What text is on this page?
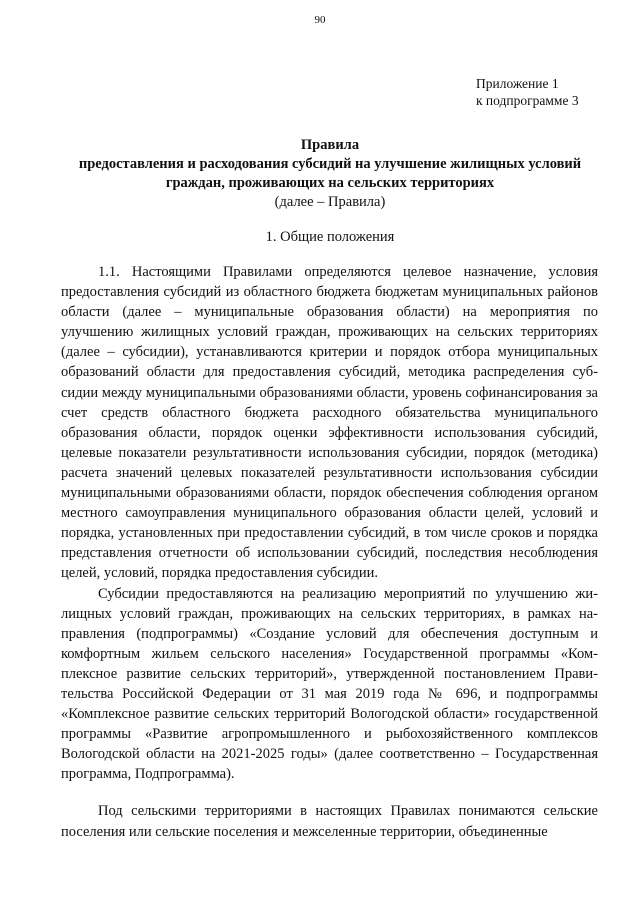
90
Приложение 1
к подпрограмме 3
Правила
предоставления и расходования субсидий на улучшение жилищных условий
граждан, проживающих на сельских территориях
(далее – Правила)
1. Общие положения

1.1. Настоящими Правилами определяются целевое назначение, условия предоставления субсидий из областного бюджета бюджетам муниципальных районов области (далее – муниципальные образования области) на мероприятия по улучшению жилищных условий граждан, проживающих на сельских территориях (далее – субсидии), устанавливаются критерии и порядок отбора муниципальных образований области для предоставления субсидий, методика распределения субсидии между муниципальными образованиями области, уровень софинансирования за счет средств областного бюджета расходного обязательства муниципального образования области, порядок оценки эффективности использования субсидий, целевые показатели результативности использования субсидии, порядок (методика) расчета значений целевых показателей результативности использования субсидии муниципальными образованиями области, порядок обеспечения соблюдения органом местного самоуправления муниципального образования области целей, условий и порядка, установленных при предоставлении субсидий, в том числе сроков и порядка представления отчетности об использовании субсидий, последствия несоблюдения целей, условий, порядка предоставления субсидии.

Субсидии предоставляются на реализацию мероприятий по улучшению жилищных условий граждан, проживающих на сельских территориях, в рамках направления (подпрограммы) «Создание условий для обеспечения доступным и комфортным жильем сельского населения» Государственной программы «Комплексное развитие сельских территорий», утвержденной постановлением Правительства Российской Федерации от 31 мая 2019 года № 696, и подпрограммы «Комплексное развитие сельских территорий Вологодской области» государственной программы «Развитие агропромышленного и рыбохозяйственного комплексов Вологодской области на 2021-2025 годы» (далее соответственно – Государственная программа, Подпрограмма).

Под сельскими территориями в настоящих Правилах понимаются сельские поселения или сельские поселения и межселенные территории, объединенные
